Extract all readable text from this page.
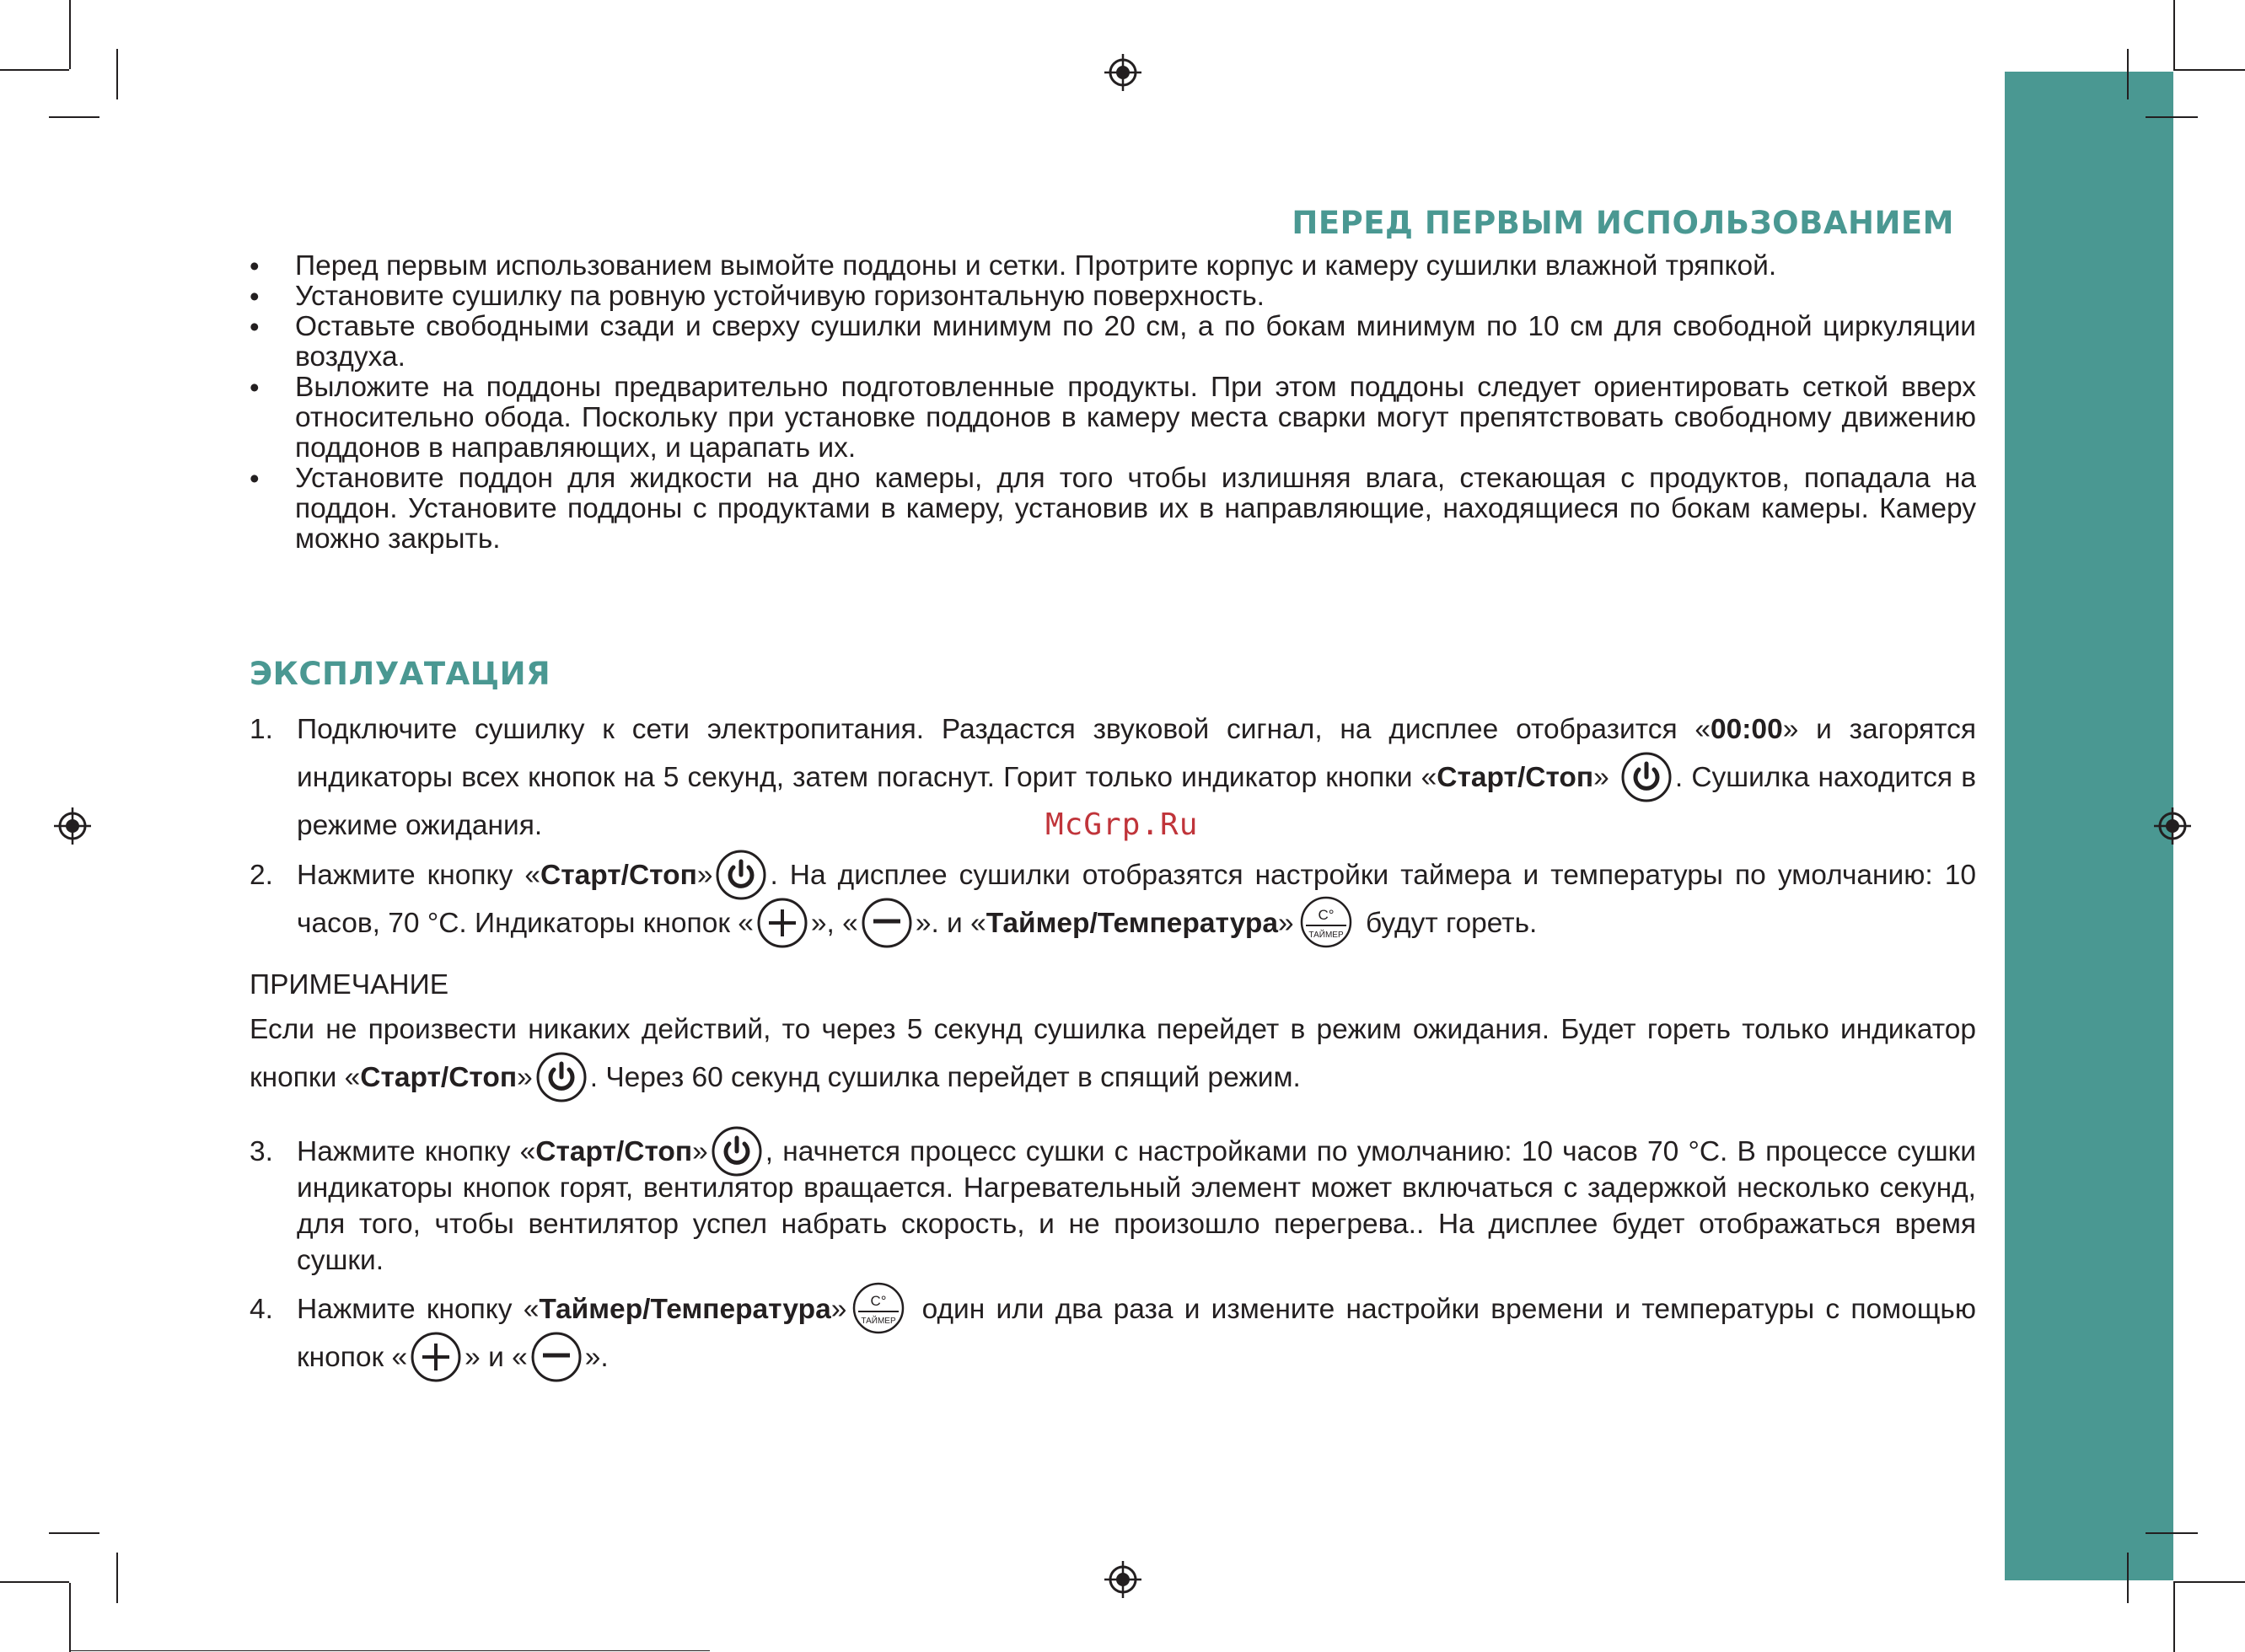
ПЕРЕД ПЕРВЫМ ИСПОЛЬЗОВАНИЕМ
• Перед первым использованием вымойте поддоны и сетки. Протрите корпус и камеру сушилки влажной тряпкой.
• Установите сушилку па ровную устойчивую горизонтальную поверхность.
• Оставьте свободными сзади и сверху сушилки минимум по 20 см, а по бокам минимум по 10 см для свободной циркуляции воздуха.
• Выложите на поддоны предварительно подготовленные продукты. При этом поддоны следует ориентировать сеткой вверх относительно обода. Поскольку при установке поддонов в камеру места сварки могут препятствовать свободному движению поддонов в направляющих, и царапать их.
• Установите поддон для жидкости на дно камеры, для того чтобы излишняя влага, стекающая с продуктов, попадала на поддон. Установите поддоны с продуктами в камеру, установив их в направляющие, находящиеся по бокам камеры. Камеру можно закрыть.
ЭКСПЛУАТАЦИЯ
1. Подключите сушилку к сети электропитания. Раздастся звуковой сигнал, на дисплее отобразится «00:00» и загорятся индикаторы всех кнопок на 5 секунд, затем погаснут. Горит только индикатор кнопки «Старт/Стоп» . Сушилка находится в режиме ожидания.
2. Нажмите кнопку «Старт/Стоп» . На дисплее сушилки отобразятся настройки таймера и температуры по умолчанию: 10 часов, 70 °С. Индикаторы кнопок « », « ». и «Таймер/Температура» С°
ТАЙМЕР будут гореть.

ПРИМЕЧАНИЕ

Если не произвести никаких действий, то через 5 секунд сушилка перейдет в режим ожидания. Будет гореть только индикатор кнопки «Старт/Стоп» . Через 60 секунд сушилка перейдет в спящий режим.

3. Нажмите кнопку «Старт/Стоп» , начнется процесс сушки с настройками по умолчанию: 10 часов 70 °С. В процессе сушки индикаторы кнопок горят, вентилятор вращается. Нагревательный элемент может включаться с задержкой несколько секунд, для того, чтобы вентилятор успел набрать скорость, и не произошло перегрева.. На дисплее будет отображаться время сушки.
4. Нажмите кнопку «Таймер/Температура» С°
ТАЙМЕР один или два раза и измените настройки времени и температуры с помощью кнопок « » и « ».
McGrp.Ru
